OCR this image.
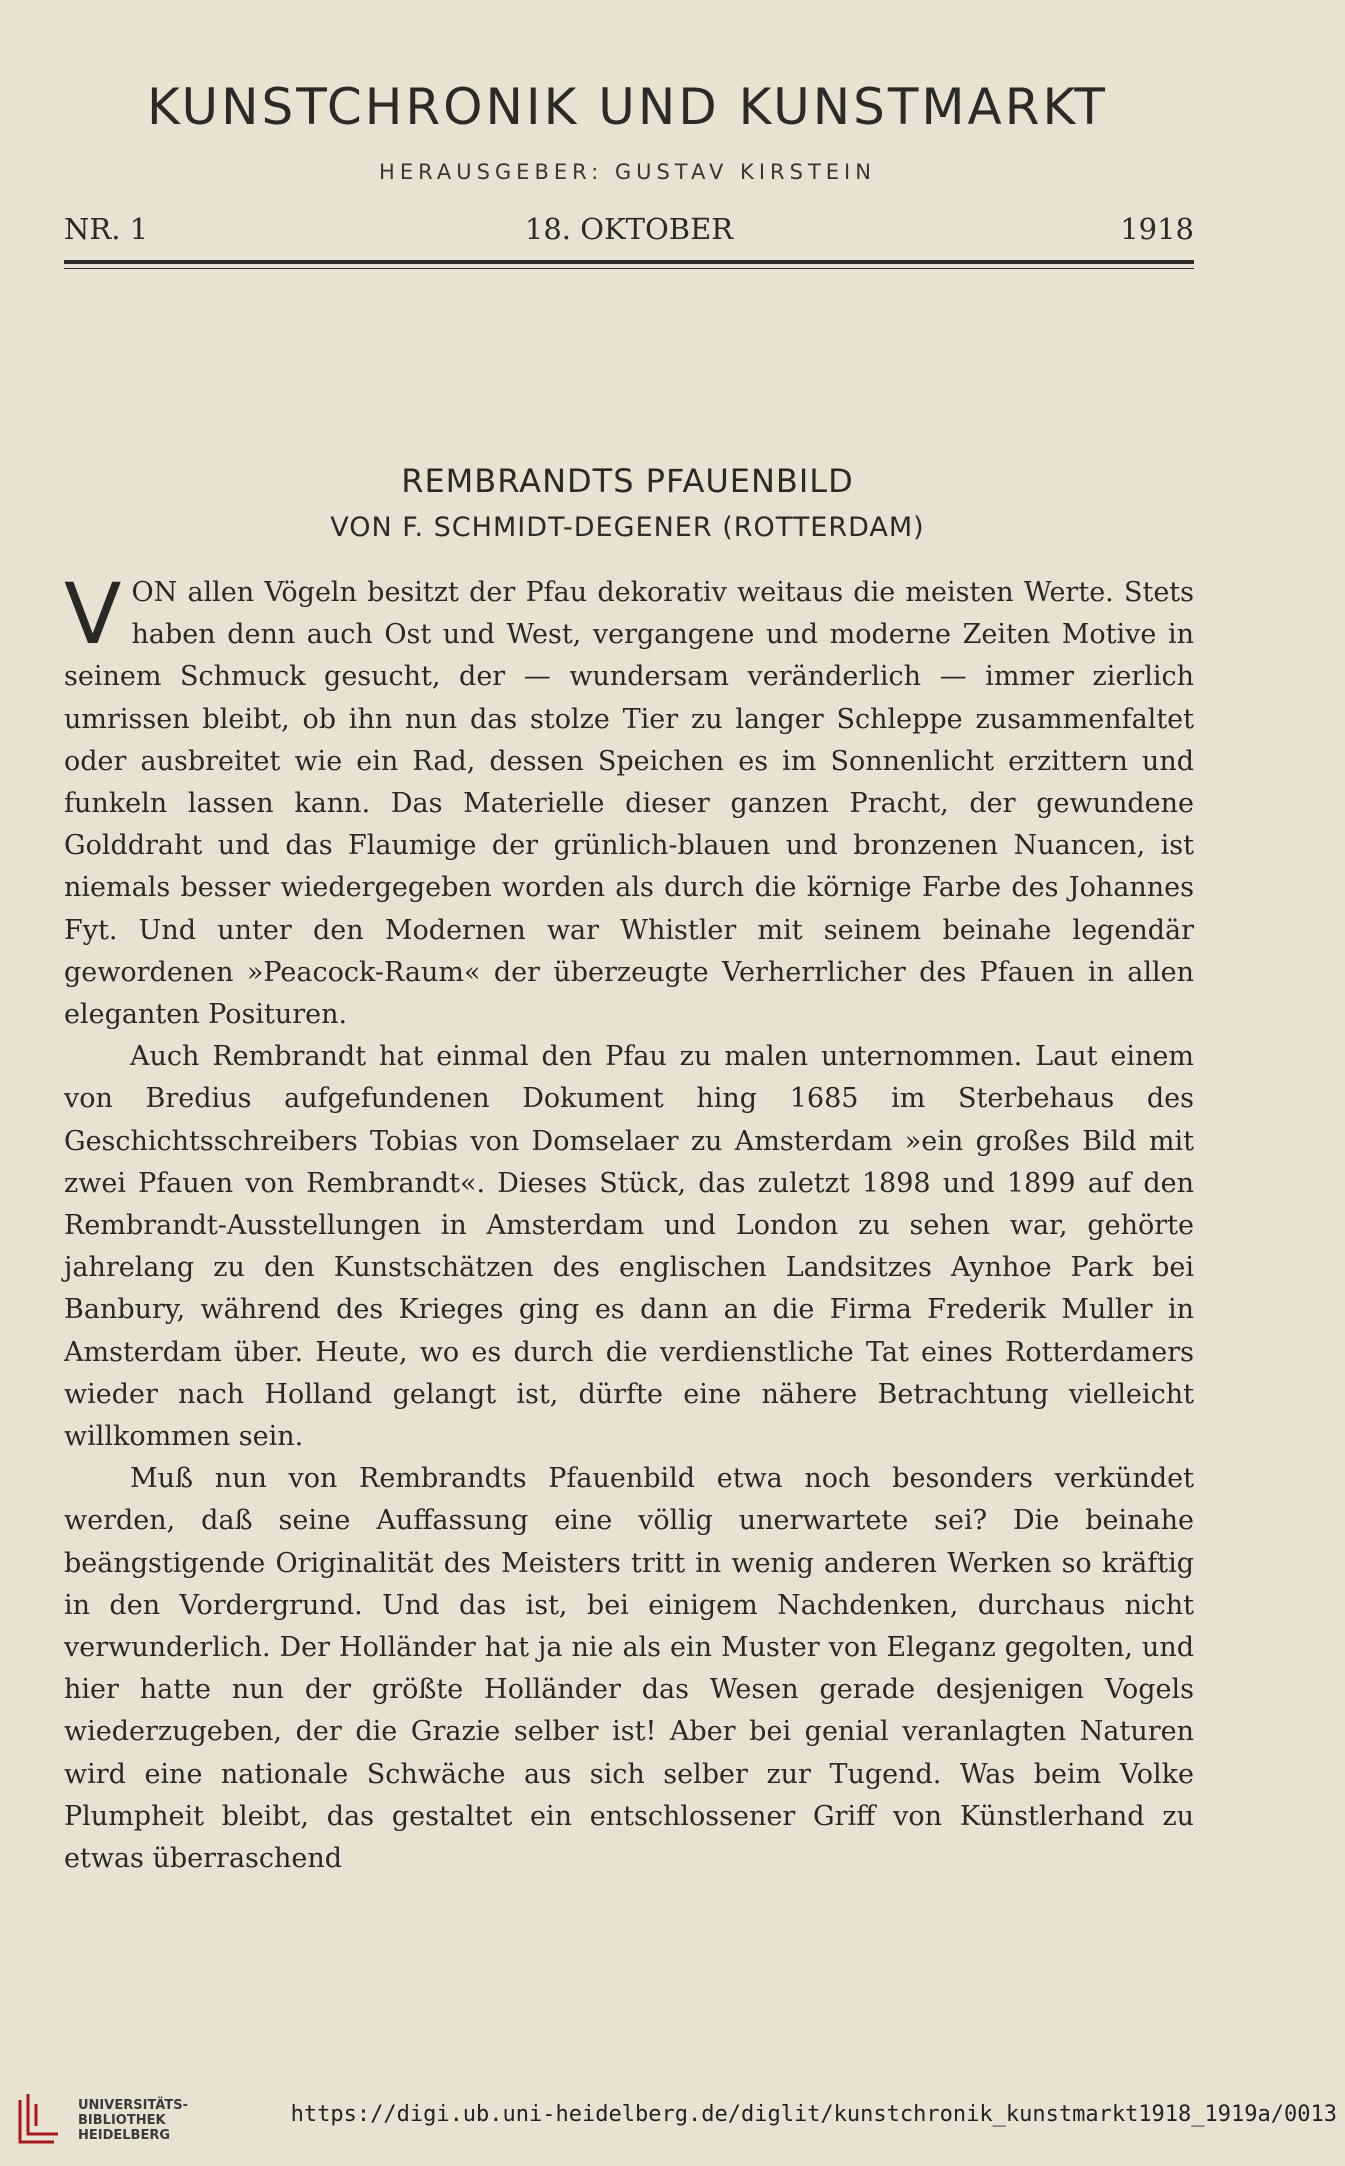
KUNSTCHRONIK UND KUNSTMARKT
HERAUSGEBER: GUSTAV KIRSTEIN
NR. 1	18. OKTOBER	1918
REMBRANDTS PFAUENBILD
VON F. SCHMIDT-DEGENER (ROTTERDAM)

VON allen Vögeln besitzt der Pfau dekorativ weitaus die meisten Werte. Stets haben denn auch Ost und West, vergangene und moderne Zeiten Motive in seinem Schmuck gesucht, der — wundersam veränderlich — immer zierlich umrissen bleibt, ob ihn nun das stolze Tier zu langer Schleppe zusammenfaltet oder ausbreitet wie ein Rad, dessen Speichen es im Sonnenlicht erzittern und funkeln lassen kann. Das Materielle dieser ganzen Pracht, der gewundene Golddraht und das Flaumige der grünlich-blauen und bronzenen Nuancen, ist niemals besser wiedergegeben worden als durch die körnige Farbe des Johannes Fyt. Und unter den Modernen war Whistler mit seinem beinahe legendär gewordenen »Peacock-Raum« der überzeugte Verherrlicher des Pfauen in allen eleganten Posituren.

Auch Rembrandt hat einmal den Pfau zu malen unternommen. Laut einem von Bredius aufgefundenen Dokument hing 1685 im Sterbehaus des Geschichtsschreibers Tobias von Domselaer zu Amsterdam »ein großes Bild mit zwei Pfauen von Rembrandt«. Dieses Stück, das zuletzt 1898 und 1899 auf den Rembrandt-Ausstellungen in Amsterdam und London zu sehen war, gehörte jahrelang zu den Kunstschätzen des englischen Landsitzes Aynhoe Park bei Banbury, während des Krieges ging es dann an die Firma Frederik Muller in Amsterdam über. Heute, wo es durch die verdienstliche Tat eines Rotterdamers wieder nach Holland gelangt ist, dürfte eine nähere Betrachtung vielleicht willkommen sein.

Muß nun von Rembrandts Pfauenbild etwa noch besonders verkündet werden, daß seine Auffassung eine völlig unerwartete sei? Die beinahe beängstigende Originalität des Meisters tritt in wenig anderen Werken so kräftig in den Vordergrund. Und das ist, bei einigem Nachdenken, durchaus nicht verwunderlich. Der Holländer hat ja nie als ein Muster von Eleganz gegolten, und hier hatte nun der größte Holländer das Wesen gerade desjenigen Vogels wiederzugeben, der die Grazie selber ist! Aber bei genial veranlagten Naturen wird eine nationale Schwäche aus sich selber zur Tugend. Was beim Volke Plumpheit bleibt, das gestaltet ein entschlossener Griff von Künstlerhand zu etwas überraschend

UNIVERSITÄTS-
BIBLIOTHEK
HEIDELBERG
https://digi.ub.uni-heidelberg.de/diglit/kunstchronik_kunstmarkt1918_1919a/0013
